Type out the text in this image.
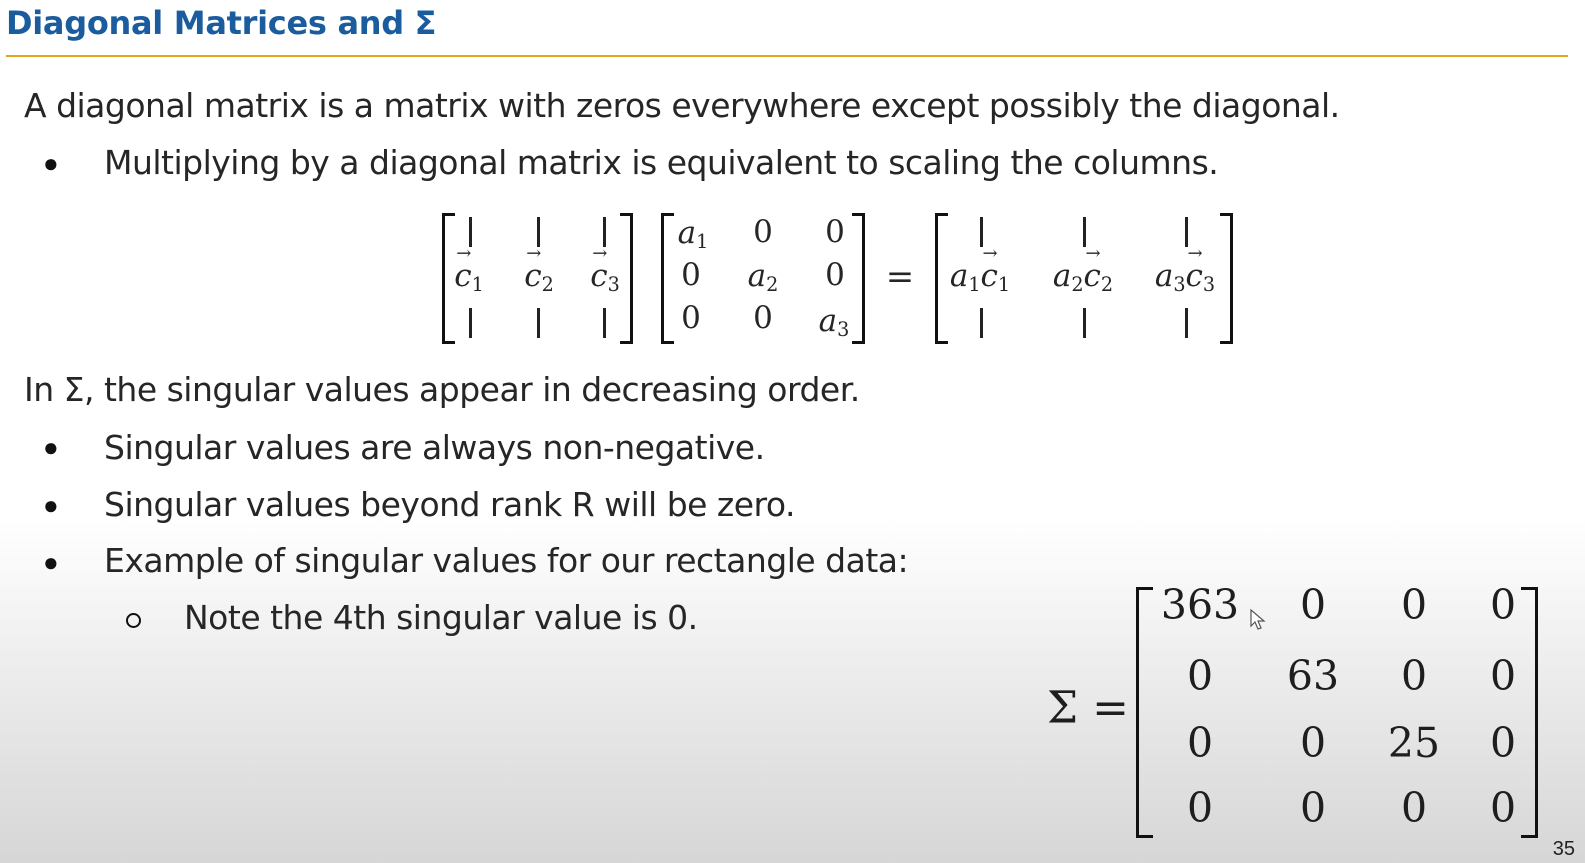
Diagonal Matrices and Σ

A diagonal matrix is a matrix with zeros everywhere except possibly the diagonal.

● Multiplying by a diagonal matrix is equivalent to scaling the columns.

→ $c_1$
→ $c_2$
→ $c_3$
$a_1$ 0 0
0 $a_2$ 0
0 0 $a_3$
= $a_1\to c_1$ $a_2\to c_2$ $a_3\to c_3$

In Σ, the singular values appear in decreasing order.

● Singular values are always non-negative.

● Singular values beyond rank R will be zero.

● Example of singular values for our rectangle data:

Note the 4th singular value is 0.

Σ =
363 0 0 0
0 63 0 0
0 0 25 0
0 0 0 0
35
